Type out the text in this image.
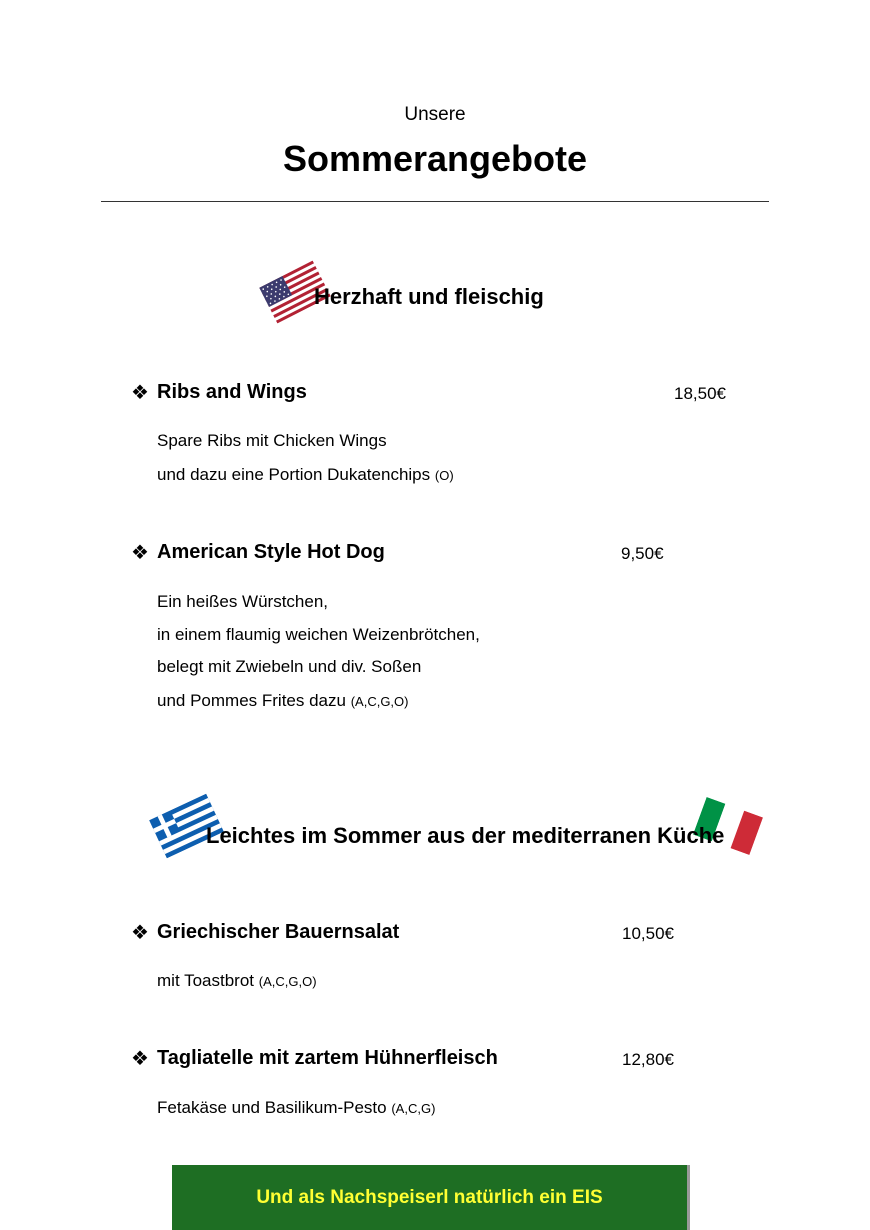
Unsere
Sommerangebote
Herzhaft und fleischig
❖ Ribs and Wings	18,50€
Spare Ribs mit Chicken Wings
und dazu eine Portion Dukatenchips (O)
❖ American Style Hot Dog	9,50€
Ein heißes Würstchen,
in einem flaumig weichen Weizenbrötchen,
belegt mit Zwiebeln und div. Soßen
und Pommes Frites dazu (A,C,G,O)
Leichtes im Sommer aus der mediterranen Küche
❖ Griechischer Bauernsalat	10,50€
mit Toastbrot (A,C,G,O)
❖ Tagliatelle mit zartem Hühnerfleisch	12,80€
Fetakäse und Basilikum-Pesto (A,C,G)
Und als Nachspeiserl natürlich ein EIS
